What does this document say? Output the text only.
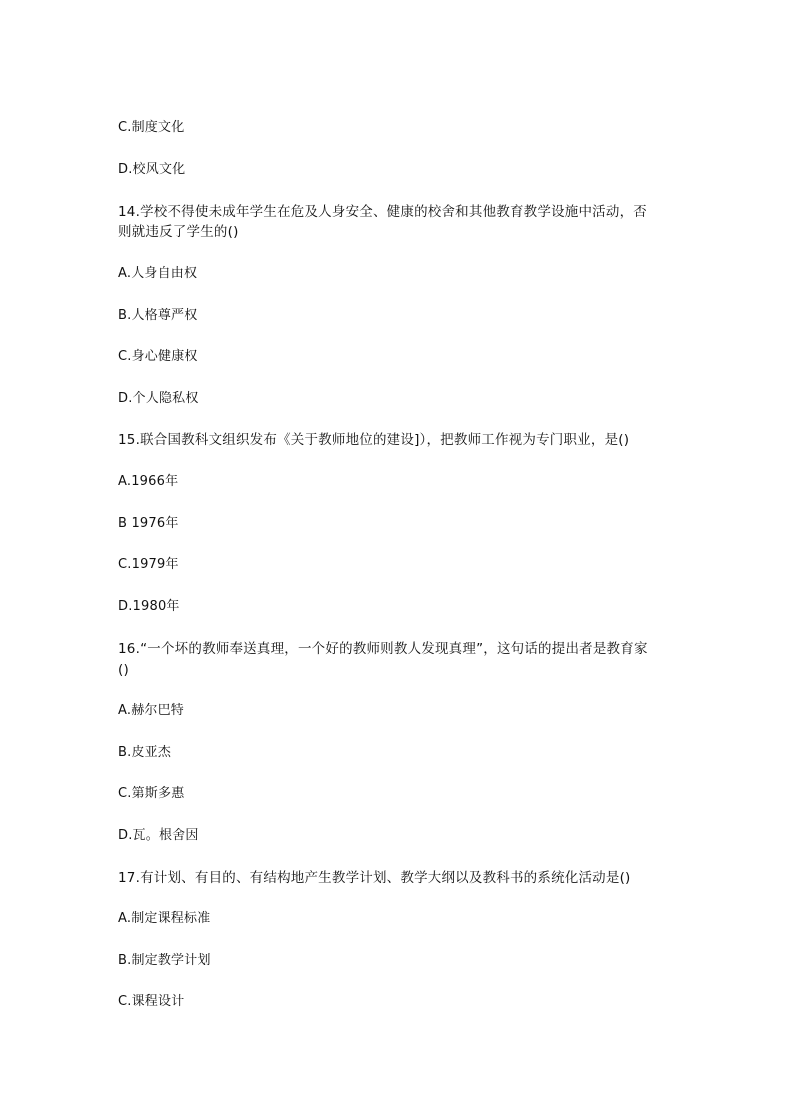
C.制度文化
D.校风文化
14.学校不得使未成年学生在危及人身安全、健康的校舍和其他教育教学设施中活动，否
则就违反了学生的()
A.人身自由权
B.人格尊严权
C.身心健康权
D.个人隐私权
15.联合国教科文组织发布《关于教师地位的建设]），把教师工作视为专门职业，是()
A.1966年
B 1976年
C.1979年
D.1980年
16.“一个坏的教师奉送真理，一个好的教师则教人发现真理”，这句话的提出者是教育家
()
A.赫尔巴特
B.皮亚杰
C.第斯多惠
D.瓦。根舍因
17.有计划、有目的、有结构地产生教学计划、教学大纲以及教科书的系统化活动是()
A.制定课程标准
B.制定教学计划
C.课程设计
